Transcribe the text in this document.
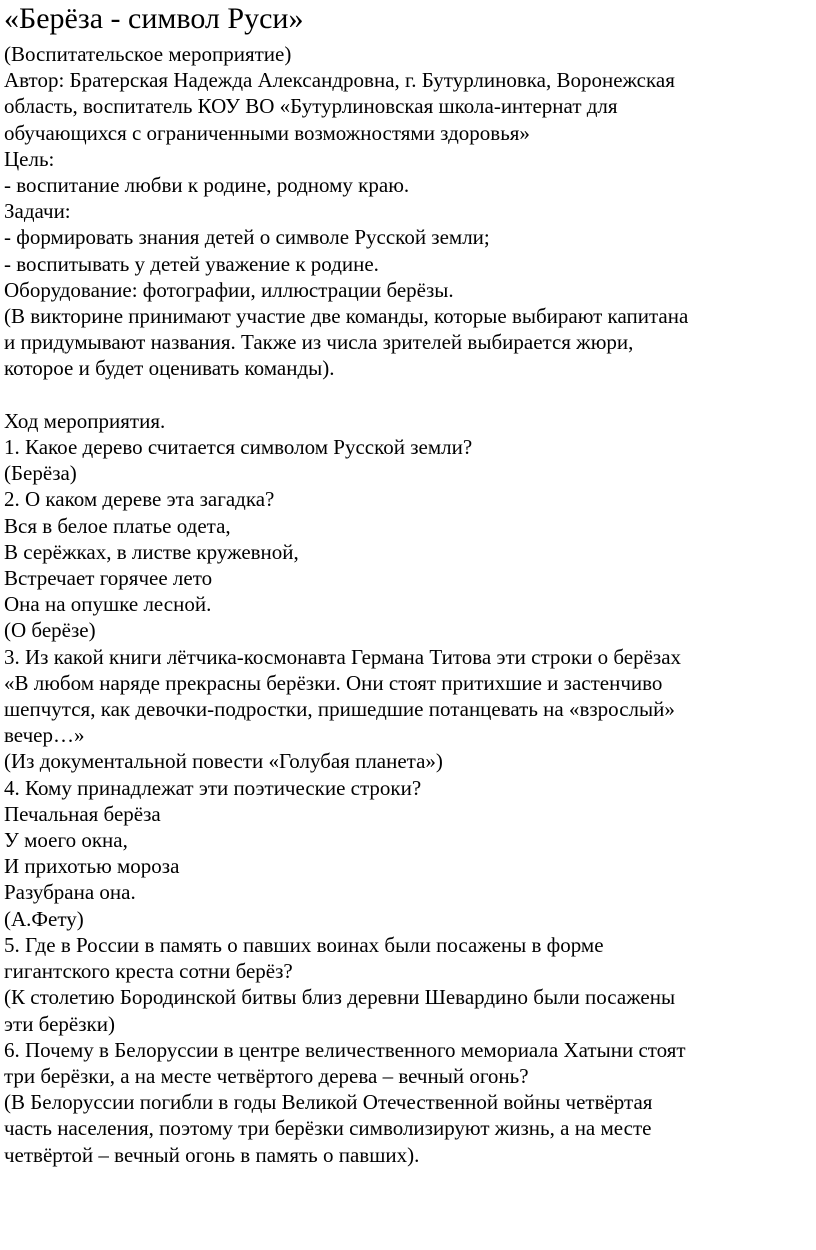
«Берёза - символ Руси»

(Воспитательское мероприятие)

Автор: Братерская Надежда Александровна, г. Бутурлиновка, Воронежская

область, воспитатель КОУ ВО «Бутурлиновская школа-интернат для

обучающихся с ограниченными возможностями здоровья»

Цель:

- воспитание любви к родине, родному краю.

Задачи:

- формировать знания детей о символе Русской земли;

- воспитывать у детей уважение к родине.

Оборудование: фотографии, иллюстрации берёзы.

(В викторине принимают участие две команды, которые выбирают капитана

и придумывают названия. Также из числа зрителей выбирается жюри,

которое и будет оценивать команды).

Ход мероприятия.

1. Какое дерево считается символом Русской земли?

(Берёза)

2. О каком дереве эта загадка?

Вся в белое платье одета,

В серёжках, в листве кружевной,

Встречает горячее лето

Она на опушке лесной.

(О берёзе)

3. Из какой книги лётчика-космонавта Германа Титова эти строки о берёзах

«В любом наряде прекрасны берёзки. Они стоят притихшие и застенчиво

шепчутся, как девочки-подростки, пришедшие потанцевать на «взрослый»

вечер…»

(Из документальной повести «Голубая планета»)

4. Кому принадлежат эти поэтические строки?

Печальная берёза

У моего окна,

И прихотью мороза

Разубрана она.

(А.Фету)

5. Где в России в память о павших воинах были посажены в форме

гигантского креста сотни берёз?

(К столетию Бородинской битвы близ деревни Шевардино были посажены

эти берёзки)

6. Почему в Белоруссии в центре величественного мемориала Хатыни стоят

три берёзки, а на месте четвёртого дерева – вечный огонь?

(В Белоруссии погибли в годы Великой Отечественной войны четвёртая

часть населения, поэтому три берёзки символизируют жизнь, а на месте

четвёртой – вечный огонь в память о павших).
